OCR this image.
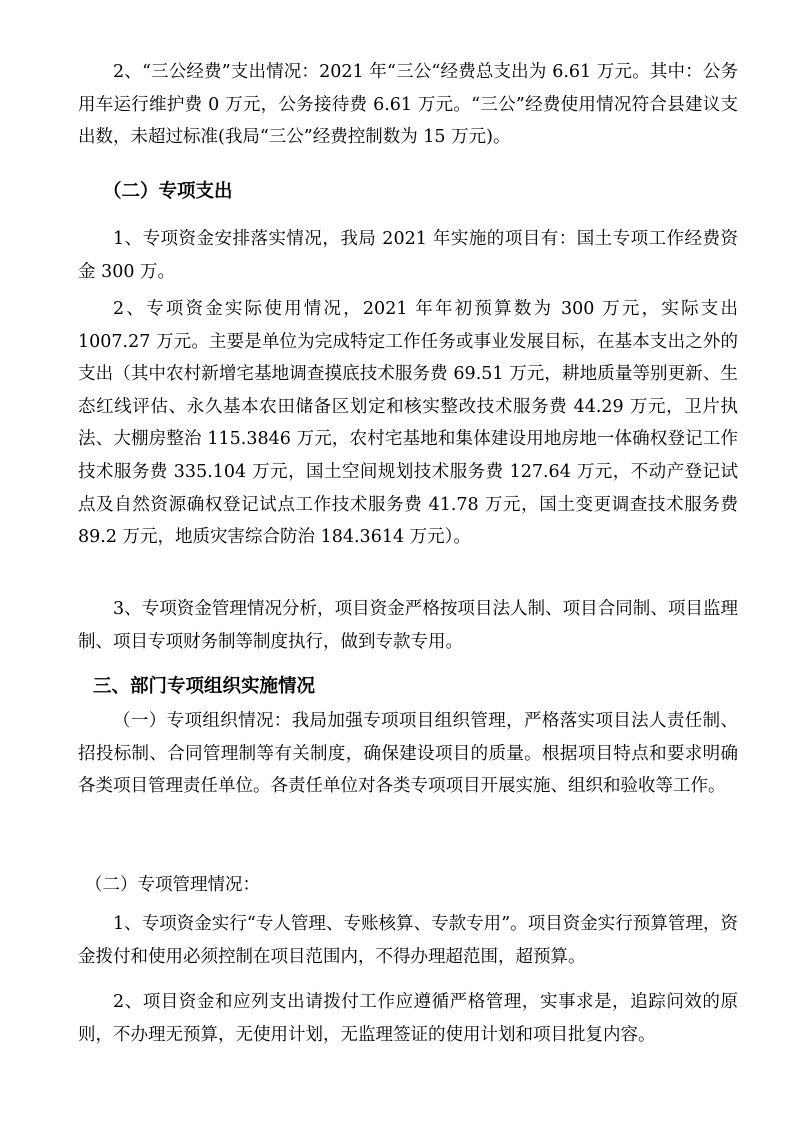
2、“三公经费”支出情况：2021 年“三公“经费总支出为 6.61 万元。其中：公务用车运行维护费 0 万元，公务接待费 6.61 万元。“三公”经费使用情况符合县建议支出数，未超过标准(我局“三公”经费控制数为 15 万元)。

（二）专项支出

1、专项资金安排落实情况，我局 2021 年实施的项目有：国土专项工作经费资金 300 万。

2、专项资金实际使用情况，2021 年年初预算数为 300 万元，实际支出 1007.27 万元。主要是单位为完成特定工作任务或事业发展目标，在基本支出之外的支出（其中农村新增宅基地调查摸底技术服务费 69.51 万元，耕地质量等别更新、生态红线评估、永久基本农田储备区划定和核实整改技术服务费 44.29 万元，卫片执法、大棚房整治 115.3846 万元，农村宅基地和集体建设用地房地一体确权登记工作技术服务费 335.104 万元，国土空间规划技术服务费 127.64 万元，不动产登记试点及自然资源确权登记试点工作技术服务费 41.78 万元，国土变更调查技术服务费 89.2 万元，地质灾害综合防治 184.3614 万元）。

3、专项资金管理情况分析，项目资金严格按项目法人制、项目合同制、项目监理制、项目专项财务制等制度执行，做到专款专用。

三、部门专项组织实施情况

（一）专项组织情况：我局加强专项项目组织管理，严格落实项目法人责任制、招投标制、合同管理制等有关制度，确保建设项目的质量。根据项目特点和要求明确各类项目管理责任单位。各责任单位对各类专项项目开展实施、组织和验收等工作。

（二）专项管理情况：

1、专项资金实行“专人管理、专账核算、专款专用”。项目资金实行预算管理，资金拨付和使用必须控制在项目范围内，不得办理超范围，超预算。

2、项目资金和应列支出请拨付工作应遵循严格管理，实事求是，追踪问效的原则，不办理无预算，无使用计划，无监理签证的使用计划和项目批复内容。
